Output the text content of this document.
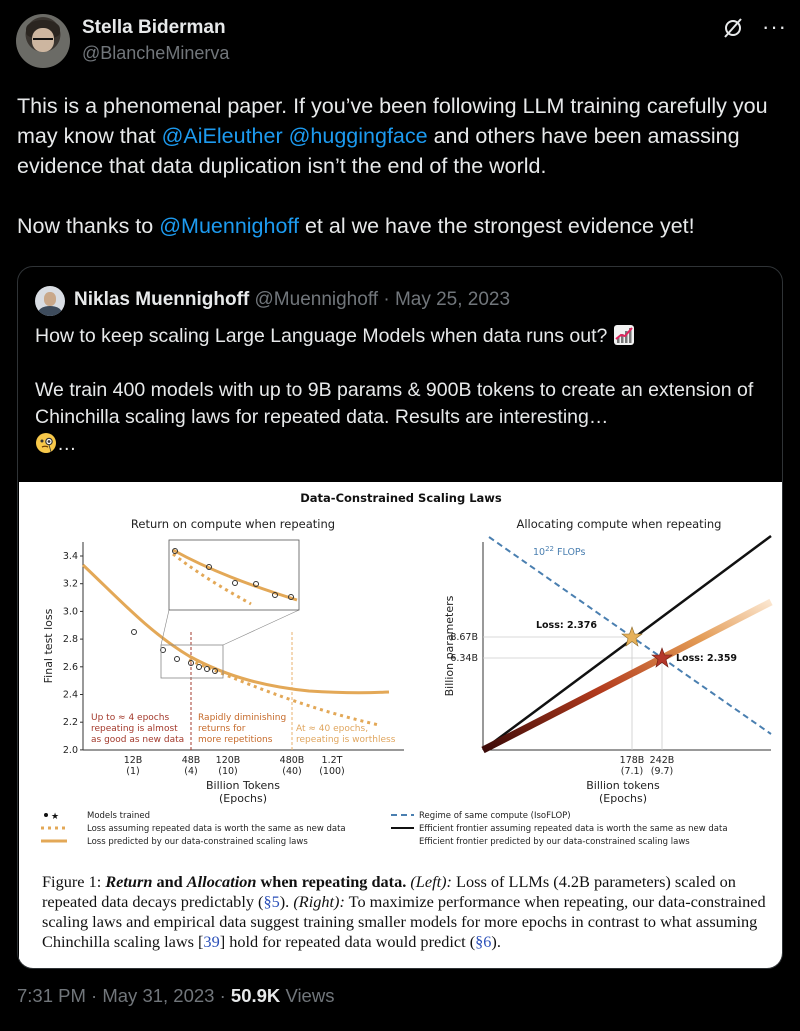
Stella Biderman
@BlancheMinerva
···

This is a phenomenal paper. If you’ve been following LLM training carefully you may know that @AiEleuther @huggingface and others have been amassing evidence that data duplication isn’t the end of the world.

Now thanks to @Muennighoff et al we have the strongest evidence yet!

Niklas Muennighoff @Muennighoff · May 25, 2023

How to keep scaling Large Language Models when data runs out?

We train 400 models with up to 9B params & 900B tokens to create an extension of Chinchilla scaling laws for repeated data. Results are interesting…

…

Data-Constrained Scaling Laws
Return on compute when repeating	Allocating compute when repeating
3.4
3.2
3.0
2.8
2.6
2.4
2.2
2.0
12B
(1)
48B
(4)
120B
(10)
480B
(40)
1.2T
(100)
Final test loss
Billion Tokens
(Epochs)
Up to ≈ 4 epochs
repeating is almost
as good as new data
Rapidly diminishing
returns for
more repetitions
At ≈ 40 epochs,
repeating is worthless
Loss: 2.376
Loss: 2.359
$10^{22}$ FLOPs
8.67B
6.34B
178B
(7.1)
242B
(9.7)
Billion parameters
Billion tokens
(Epochs)
★	Models trained
Loss assuming repeated data is worth the same as new data
Loss predicted by our data-constrained scaling laws
Regime of same compute (IsoFLOP)
Efficient frontier assuming repeated data is worth the same as new data
Efficient frontier predicted by our data-constrained scaling laws
Figure 1: Return and Allocation when repeating data. (Left): Loss of LLMs (4.2B parameters) scaled on repeated data decays predictably (§5). (Right): To maximize performance when repeating, our data-constrained scaling laws and empirical data suggest training smaller models for more epochs in contrast to what assuming Chinchilla scaling laws [39] hold for repeated data would predict (§6).
7:31 PM · May 31, 2023 · 50.9K Views
